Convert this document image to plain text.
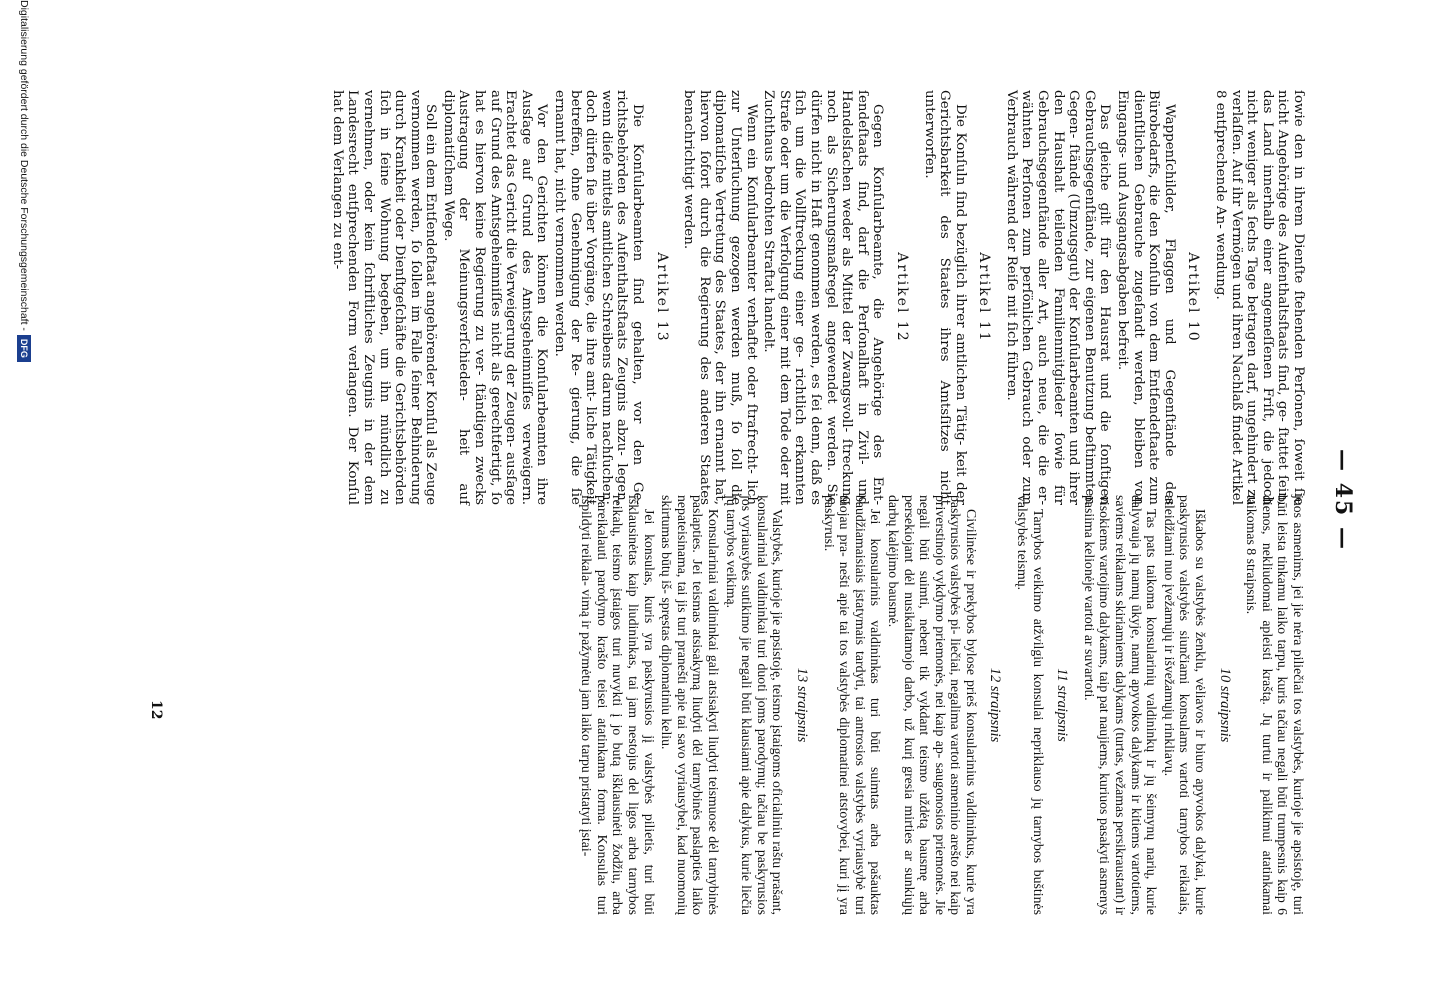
— 45 —

ſowie den in ihrem Dienſte ſtehenden Perſonen, ſoweit ſie nicht Angehörige des Aufenthaltsſtaats ſind, ge- ſtattet ſein, das Land innerhalb einer angemeſſenen Friſt, die jedoch nicht weniger als ſechs Tage betragen darf, ungehindert zu verlaſſen. Auf ihr Vermögen und ihren Nachlaß findet Artikel 8 entſprechende An- wendung.

Artikel 10

Wappenſchilder, Flaggen und Gegenſtände des Bürobedarfs, die den Konſuln von dem Entſendeſtaate zum dienſtlichen Gebrauche zugeſandt werden, bleiben von Eingangs- und Ausgangsabgaben befreit.

Das gleiche gilt für den Hausrat und die ſonſtigen Gebrauchsgegenſtände, zur eigenen Benutzung beſtimmten Gegen- ſtände (Umzugsgut) der Konſularbeamten und ihrer den Haushalt teilenden Familienmitglieder ſowie für Gebrauchsgegenſtände aller Art, auch neue, die die er- wähnten Perſonen zum perſönlichen Gebrauch oder zum Verbrauch während der Reiſe mit ſich führen.

Artikel 11

Die Konſuln ſind bezüglich ihrer amtlichen Tätig- keit der Gerichtsbarkeit des Staates ihres Amtsſitzes nicht unterworfen.

Artikel 12

Gegen Konſularbeamte, die Angehörige des Ent- ſendeſtaats ſind, darf die Perſonalhaft in Zivil- und Handelsſachen weder als Mittel der Zwangsvoll- ſtreckung noch als Sicherungsmaßregel angewendet werden. Sie dürfen nicht in Haft genommen werden, es ſei denn, daß es ſich um die Vollſtreckung einer ge- richtlich erkannten Strafe oder um die Verfolgung einer mit dem Tode oder mit Zuchthaus bedrohten Straftat handelt.

Wenn ein Konſularbeamter verhaftet oder ſtrafrecht- lich zur Unterſuchung gezogen werden muß, ſo ſoll die diplomatiſche Vertretung des Staates, der ihn ernannt hat, hiervon ſofort durch die Regierung des anderen Staates benachrichtigt werden.

Artikel 13

Die Konſularbeamten ſind gehalten, vor den Ge- richtsbehörden des Aufenthaltsſtaats Zeugnis abzu- legen, wenn dieſe mittels amtlichen Schreibens darum nachſuchen; doch dürfen ſie über Vorgänge, die ihre amt- liche Tätigkeit betreffen, ohne Genehmigung der Re- gierung, die ſie ernannt hat, nicht vernommen werden.

Vor den Gerichten können die Konſularbeamten ihre Ausſage auf Grund des Amtsgeheimniſſes verweigern. Erachtet das Gericht die Verweigerung der Zeugen- ausſage auf Grund des Amtsgeheimniſſes nicht als gerechtfertigt, ſo hat es hiervon keine Regierung zu ver- ſtändigen zwecks Austragung der Meinungsverſchieden- heit auf diplomatiſchem Wege.

Soll ein dem Entſendeſtaat angehörender Konſul als Zeuge vernommen werden, ſo ſollen im Falle ſeiner Behinderung durch Krankheit oder Dienſtgeſchäfte die Gerichtsbehörden ſich in ſeine Wohnung begeben, um ihn mündlich zu vernehmen, oder kein ſchriftliches Zeugnis in der dem Landesrecht entſprechenden Form verlangen. Der Konſul hat dem Verlangen zu ent-

juos asmenims, jei jie nėra piliečiai tos valstybės, kurioje jie apsistoję, turi būti leista tinkamu laiko tarpu, kuris tačiau negali būti trumpesnis kaip 6 dienos, nekliudomai apleisti kraštą. Jų turtui ir palikimui atatinkamai taikomas 8 straipsnis.

10 straipsnis

Iškabos su valstybės ženklu, vėliavos ir biuro apyvokos dalykai, kurie paskyrusios valstybės siunčiami konsulams vartoti tarnybos reikalais, atleidžiami nuo įvežamųjų ir išvežamųjų rinkliavų.

Tas pats taikoma konsularinių valdininkų ir jų šeimynų narių, kurie dalyvauja jų namų ūkyje, namų apyvokos dalykams ir kitiems vartotiems, saviems reikalams skiriamiems dalykams (turtas, vežamas persikraustant) ir visokiems vartojimo dalykams, taip pat naujiems, kuriuos pasakyti asmenys pasiima kelionėje vartoti ar suvartoti.

11 straipsnis

Tarnybos veikimo atžvilgiu konsulai nepriklauso jų tarnybos buštinės valstybės teismų.

12 straipsnis

Civilinėse ir prekybos bylose prieš konsularinius valdininkus, kurie yra paskyrusios valstybės pi- liečiai, negalima vartoti asmeninio arešto nei kaip priverstinojo vykdymo priemonės, nei kaip ap- saugonosios priemonės. Jie negali būti suimti, nebent tik vykdant teismo uždėtą bausmę arba persekiojant dėl nusikaltamojo darbo, už kurį gresia mirties ar sunkiųjų darbų kalėjimo bausmė.

Jei konsularinis valdininkas turi būti suimtas arba pašauktas baudžiamaisiais įstatymais tardyti, tai antrosios valstybės vyriausybė turi tuojau pra- nešti apie tai tos valstybės diplomatinei atstovybei, kuri jį yra paskyrusi.

13 straipsnis

Valstybės, kurioje jie apsistoję, teismo įstaigoms oficialiniu raštu prašant, konsularinial valdininkai turi duoti joms parodymų; tačiau be paskyrusios jos vyriausybės sutikimo jie negali būti klausiami apie dalykus, kurie liečia jų tarnybos veikimą.

Konsulariniai valdininkai gali atsisakyti liudyti teismuose dėl tarnybinės paslapties. Jei teismas atsisakymą liudyti dėl tarnybinės paslapties laiko nepateisinama, tai jis turi pranešti apie tai savo vyriausybei, kad nuomonių skirtumas būtų iš- spręstas diplomatiniu keliu.

Jei konsulas, kuris yra paskyrusios jį valstybės pilietis, turi būti išklausinėtas kaip liudininkas, tai jam nestojus del ligos arba tarnybos reikalų, teismo įstaigos turi nuvykti į jo butą išklausinėti žodžiu, arba pareikalauti parodymo krašto teisei atatinkama forma. Konsulas turi išpildyti reikala- vimą ir pažymėtu jam laiko tarpu pristatyti įstai-

12
Digitalisierung gefördert durch die Deutsche Forschungsgemeinschaft -
DFG
